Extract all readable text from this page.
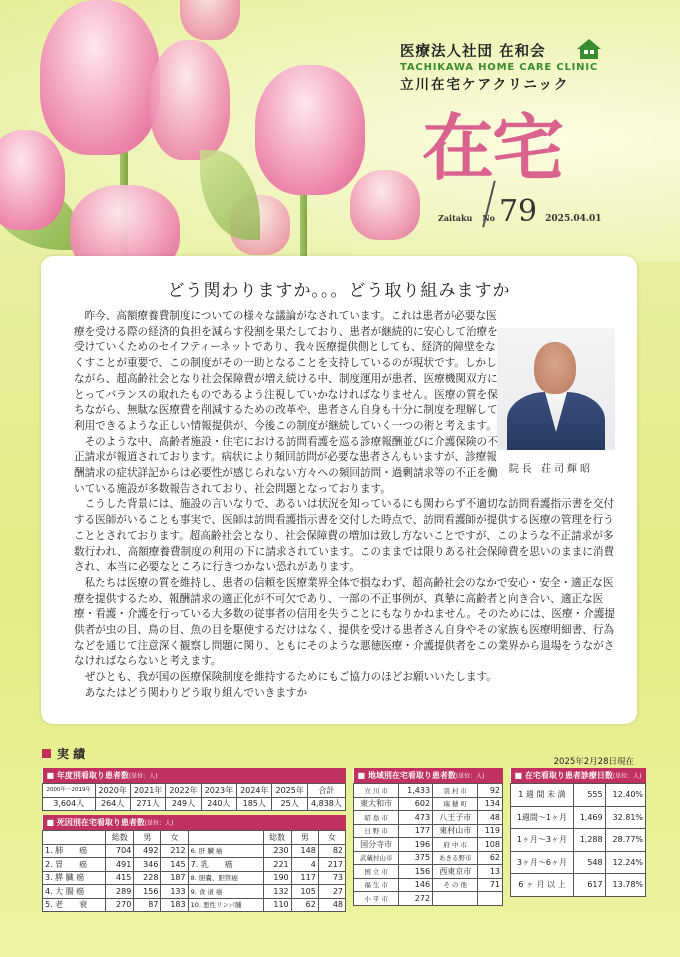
医療法人社団 在和会
TACHIKAWA HOME CARE CLINIC
立川在宅ケアクリニック
在宅
Zaitaku No 79 2025.04.01
どう関わりますか。。。どう取り組みますか
院長 荘司輝昭

昨今、高額療養費制度についての様々な議論がなされています。これは患者が必要な医療を受ける際の経済的負担を減らす役割を果たしており、患者が継続的に安心して治療を受けていくためのセイフティーネットであり、我々医療提供側としても、経済的障壁をなくすことが重要で、この制度がその一助となることを支持しているのが現状です。しかしながら、超高齢社会となり社会保障費が増え続ける中、制度運用が患者、医療機関双方にとってバランスの取れたものであるよう注視していかなければなりません。医療の質を保ちながら、無駄な医療費を削減するための改革や、患者さん自身も十分に制度を理解して利用できるような正しい情報提供が、今後この制度が継続していく一つの術と考えます。

そのような中、高齢者施設・住宅における訪問看護を巡る診療報酬並びに介護保険の不正請求が報道されております。病状により頻回訪問が必要な患者さんもいますが、診療報酬請求の症状詳記からは必要性が感じられない方々への頻回訪問・過剰請求等の不正を働いている施設が多数報告されており、社会問題となっております。

こうした背景には、施設の言いなりで、あるいは状況を知っているにも関わらず不適切な訪問看護指示書を交付する医師がいることも事実で、医師は訪問看護指示書を交付した時点で、訪問看護師が提供する医療の管理を行うこととされております。超高齢社会となり、社会保障費の増加は致し方ないことですが、このような不正請求が多数行われ、高額療養費制度の利用の下に請求されています。このままでは限りある社会保障費を思いのままに消費され、本当に必要なところに行きつかない恐れがあります。

私たちは医療の質を維持し、患者の信頼を医療業界全体で損なわず、超高齢社会のなかで安心・安全・適正な医療を提供するため、報酬請求の適正化が不可欠であり、一部の不正事例が、真摯に高齢者と向き合い、適正な医療・看護・介護を行っている大多数の従事者の信用を失うことにもなりかねません。そのためには、医療・介護提供者が虫の目、鳥の目、魚の目を駆使するだけはなく、提供を受ける患者さん自身やその家族も医療明細書、行為などを通じて注意深く観察し問題に関り、ともにそのような悪徳医療・介護提供者をこの業界から退場をうながさなければならないと考えます。

ぜひとも、我が国の医療保険制度を維持するためにもご協力のほどお願いいたします。

あなたはどう関わりどう取り組んでいきますか

実 績
2025年2月28日現在
■ 年度別看取り患者数(単位：人)							
2000年〜2019年	2020年	2021年	2022年	2023年	2024年	2025年	合計
3,604人	264人	271人	249人	240人	185人	25人	4,838人
■ 死因別在宅看取り患者数(単位：人)							
	総数	男	女		総数	男	女
1. 肺　　癌	704	492	212	6. 肝 臓 癌	230	148	82
2. 胃　　癌	491	346	145	7. 乳　　癌	221	4	217
3. 膵 臓 癌	415	228	187	8. 胆嚢、胆管癌	190	117	73
4. 大 腸 癌	289	156	133	9. 食 道 癌	132	105	27
5. 老　　衰	270	87	183	10. 悪性リンパ腫	110	62	48
■ 地域別在宅看取り患者数(単位：人)			
立 川 市	1,433	羽 村 市	92
東大和市	602	瑞 穂 町	134
昭 島 市	473	八王子市	48
日 野 市	177	東村山市	119
国分寺市	196	府 中 市	108
武蔵村山市	375	あきる野市	62
国 立 市	156	西東京市	13
福 生 市	146	そ の 他	71
小 平 市	272		
■ 在宅看取り患者診療日数(単位：人)		
1 週 間 未 満	555	12.40%
1週間〜1ヶ月	1,469	32.81%
1ヶ月〜3ヶ月	1,288	28.77%
3ヶ月〜6ヶ月	548	12.24%
6 ヶ 月 以 上	617	13.78%
